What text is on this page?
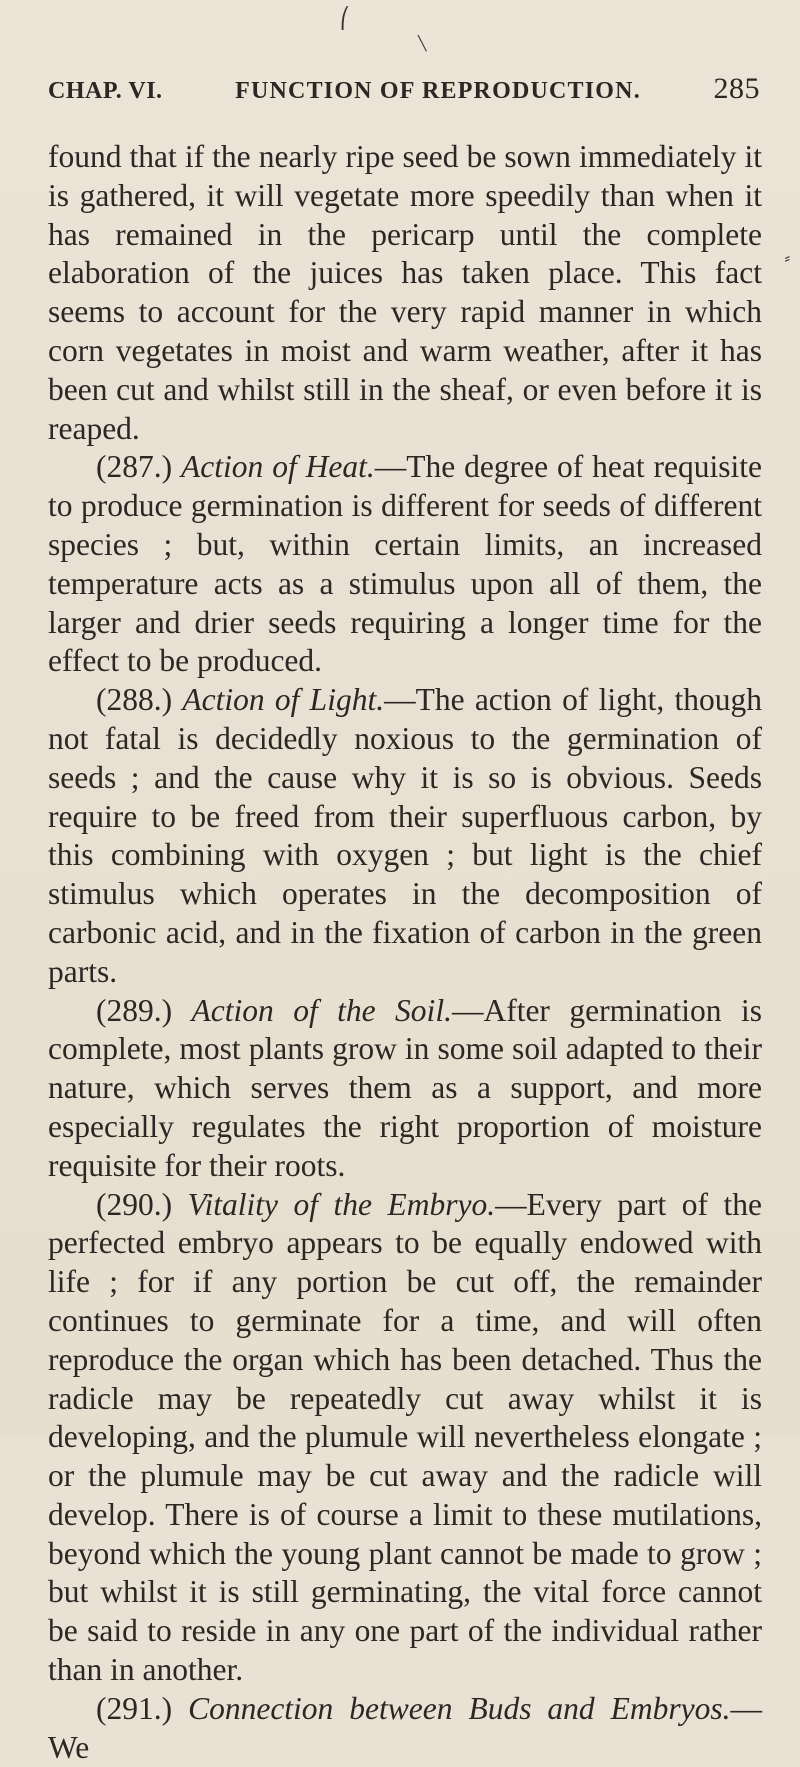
⎛
╲
⸗
CHAP. VI.	FUNCTION OF REPRODUCTION. 285

found that if the nearly ripe seed be sown immediately it is gathered, it will vegetate more speedily than when it has remained in the pericarp until the complete elaboration of the juices has taken place. This fact seems to account for the very rapid manner in which corn vegetates in moist and warm weather, after it has been cut and whilst still in the sheaf, or even before it is reaped.

(287.) Action of Heat.—The degree of heat requisite to produce germination is different for seeds of different species ; but, within certain limits, an increased temperature acts as a stimulus upon all of them, the larger and drier seeds requiring a longer time for the effect to be produced.

(288.) Action of Light.—The action of light, though not fatal is decidedly noxious to the germination of seeds ; and the cause why it is so is obvious. Seeds require to be freed from their superfluous carbon, by this combining with oxygen ; but light is the chief stimulus which operates in the decomposition of carbonic acid, and in the fixation of carbon in the green parts.

(289.) Action of the Soil.—After germination is complete, most plants grow in some soil adapted to their nature, which serves them as a support, and more especially regulates the right proportion of moisture requisite for their roots.

(290.) Vitality of the Embryo.—Every part of the perfected embryo appears to be equally endowed with life ; for if any portion be cut off, the remainder continues to germinate for a time, and will often reproduce the organ which has been detached. Thus the radicle may be repeatedly cut away whilst it is developing, and the plumule will nevertheless elongate ; or the plumule may be cut away and the radicle will develop. There is of course a limit to these mutilations, beyond which the young plant cannot be made to grow ; but whilst it is still germinating, the vital force cannot be said to reside in any one part of the individual rather than in another.

(291.) Connection between Buds and Embryos.—We
